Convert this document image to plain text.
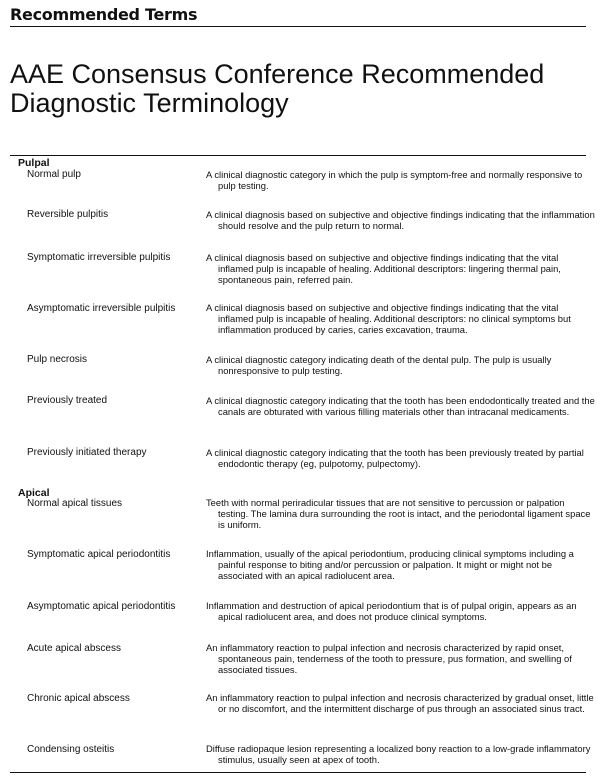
Recommended Terms
AAE Consensus Conference Recommended Diagnostic Terminology
Pulpal
Normal pulp	A clinical diagnostic category in which the pulp is symptom-free and normally responsive to pulp testing.
Reversible pulpitis	A clinical diagnosis based on subjective and objective findings indicating that the inflammation should resolve and the pulp return to normal.
Symptomatic irreversible pulpitis	A clinical diagnosis based on subjective and objective findings indicating that the vital inflamed pulp is incapable of healing. Additional descriptors: lingering thermal pain, spontaneous pain, referred pain.
Asymptomatic irreversible pulpitis	A clinical diagnosis based on subjective and objective findings indicating that the vital inflamed pulp is incapable of healing. Additional descriptors: no clinical symptoms but inflammation produced by caries, caries excavation, trauma.
Pulp necrosis	A clinical diagnostic category indicating death of the dental pulp. The pulp is usually nonresponsive to pulp testing.
Previously treated	A clinical diagnostic category indicating that the tooth has been endodontically treated and the canals are obturated with various filling materials other than intracanal medicaments.
Previously initiated therapy	A clinical diagnostic category indicating that the tooth has been previously treated by partial endodontic therapy (eg, pulpotomy, pulpectomy).
Apical
Normal apical tissues	Teeth with normal periradicular tissues that are not sensitive to percussion or palpation testing. The lamina dura surrounding the root is intact, and the periodontal ligament space is uniform.
Symptomatic apical periodontitis	Inflammation, usually of the apical periodontium, producing clinical symptoms including a painful response to biting and/or percussion or palpation. It might or might not be associated with an apical radiolucent area.
Asymptomatic apical periodontitis	Inflammation and destruction of apical periodontium that is of pulpal origin, appears as an apical radiolucent area, and does not produce clinical symptoms.
Acute apical abscess	An inflammatory reaction to pulpal infection and necrosis characterized by rapid onset, spontaneous pain, tenderness of the tooth to pressure, pus formation, and swelling of associated tissues.
Chronic apical abscess	An inflammatory reaction to pulpal infection and necrosis characterized by gradual onset, little or no discomfort, and the intermittent discharge of pus through an associated sinus tract.
Condensing osteitis	Diffuse radiopaque lesion representing a localized bony reaction to a low-grade inflammatory stimulus, usually seen at apex of tooth.
